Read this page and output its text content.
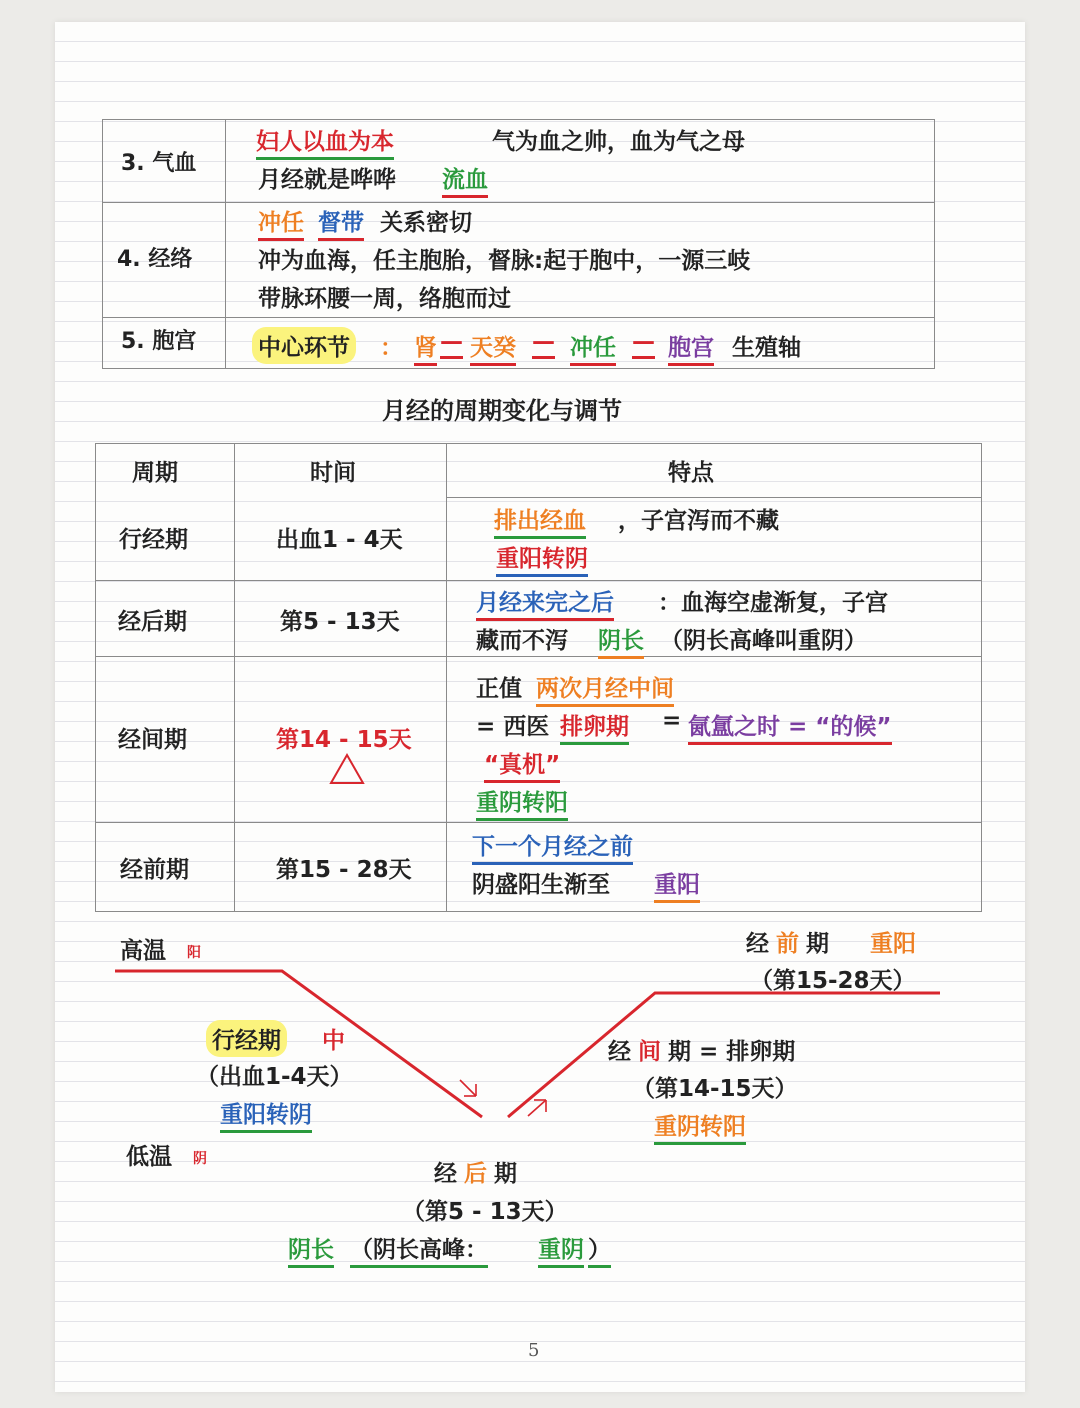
3. 气血
妇人以血为本	气为血之帅，血为气之母
月经就是哗哗 流血
4. 经络
冲任 督带 关系密切
冲为血海，任主胞胎，督脉:起于胞中，一源三岐
带脉环腰一周，络胞而过
5. 胞宫	中心环节 ： 肾 — 天癸 — 冲任 — 胞宫 生殖轴
月经的周期变化与调节
周期	时间	特点
行经期	出血1 - 4天
排出经血 ，子宫泻而不藏
重阳转阴
经后期	第5 - 13天
月经来完之后 ：血海空虚渐复，子宫
藏而不泻 阴长 （阴长高峰叫重阴）
经间期	第14 - 15天
正值 两次月经中间
= 西医 排卵期 = 氤氲之时 = “的候”
“真机”
重阴转阳
经前期	第15 - 28天
下一个月经之前
阴盛阳生渐至 重阳
高温 阳
低温 阴
行经期 中
（出血1-4天）
重阳转阴
经 后 期
（第5 - 13天）
阴长 （阴长高峰： 重阴 ）
经 间 期 = 排卵期
（第14-15天）
重阴转阳
经 前 期 重阳
（第15-28天）
5
